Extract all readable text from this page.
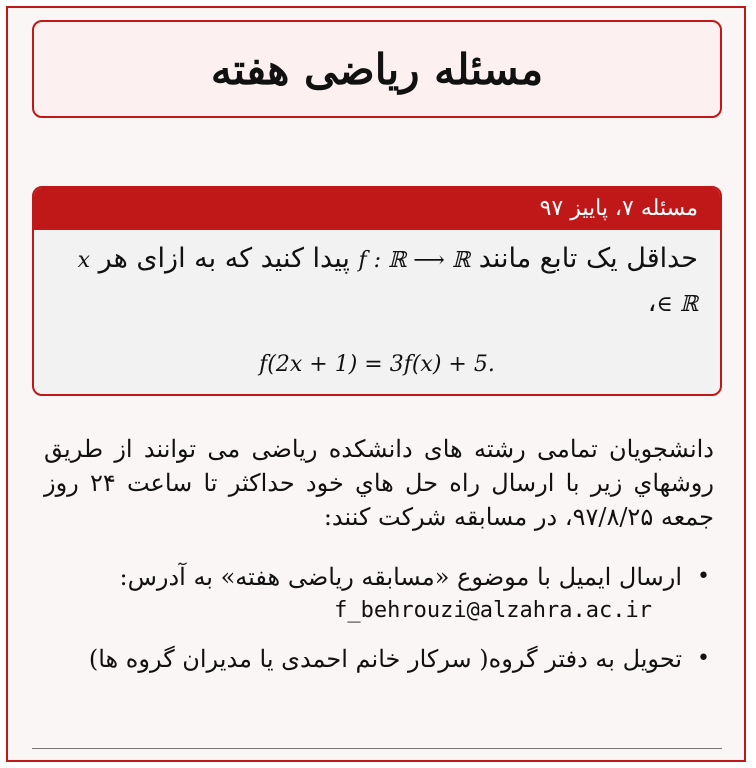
مسئله ریاضی هفته
مسئله ۷، پاییز ۹۷
حداقل یک تابع مانند f : ℝ ⟶ ℝ پیدا کنید که به ازای هر x ∈ ℝ،
f(2x + 1) = 3f(x) + 5.
دانشجویان تمامی رشته های دانشکده ریاضی می توانند از طریق روشهاي زیر با ارسال راه حل هاي خود حداکثر تا ساعت ۲۴ روز جمعه ۹۷/۸/۲۵، در مسابقه شرکت کنند:
•
ارسال ایمیل با موضوع «مسابقه ریاضی هفته» به آدرس:
f_behrouzi@alzahra.ac.ir
•
تحویل به دفتر گروه( سرکار خانم احمدی یا مدیران گروه ها)
